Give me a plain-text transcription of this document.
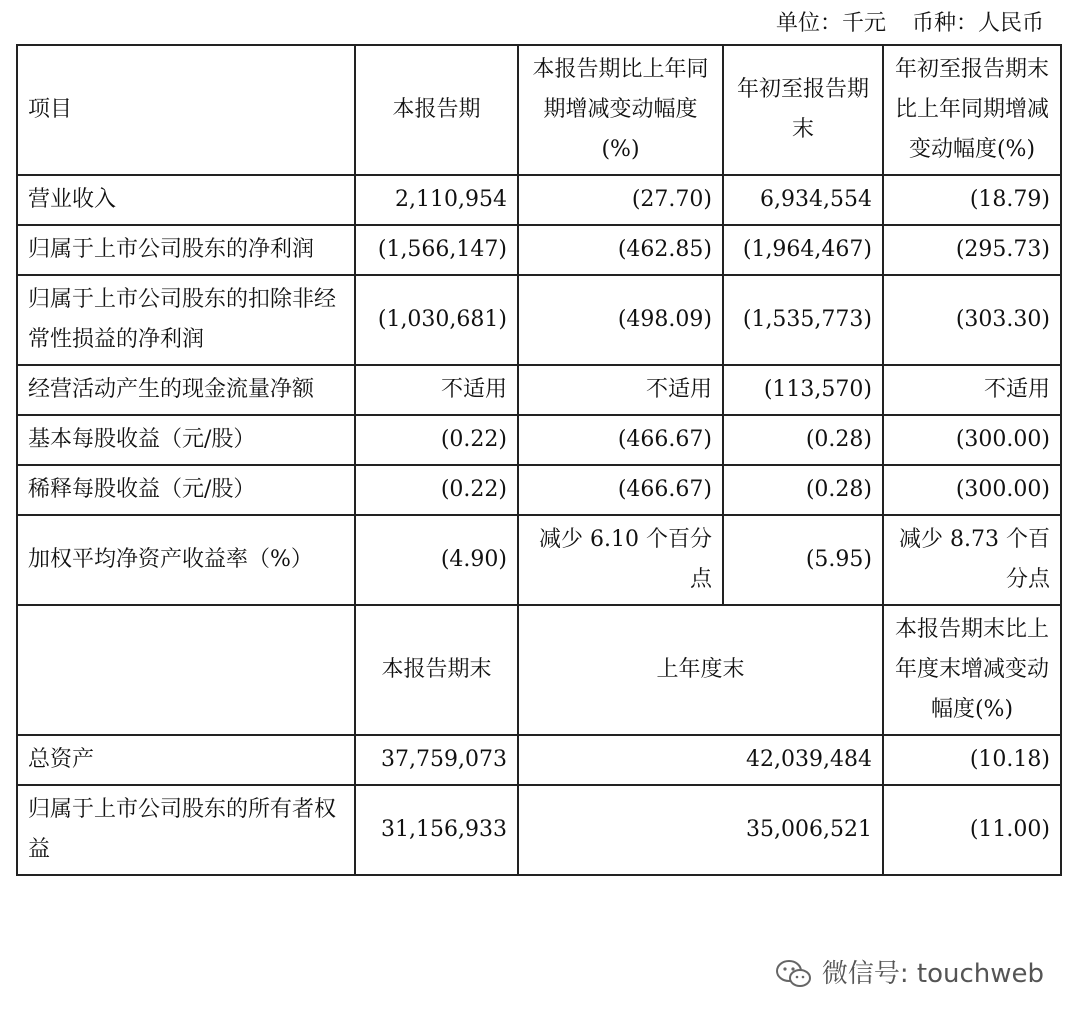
单位：千元 币种：人民币
项目	本报告期	本报告期比上年同期增减变动幅度(%)	年初至报告期末	年初至报告期末比上年同期增减变动幅度(%)
营业收入	2,110,954	(27.70)	6,934,554	(18.79)
归属于上市公司股东的净利润	(1,566,147)	(462.85)	(1,964,467)	(295.73)
归属于上市公司股东的扣除非经常性损益的净利润	(1,030,681)	(498.09)	(1,535,773)	(303.30)
经营活动产生的现金流量净额	不适用	不适用	(113,570)	不适用
基本每股收益（元/股）	(0.22)	(466.67)	(0.28)	(300.00)
稀释每股收益（元/股）	(0.22)	(466.67)	(0.28)	(300.00)
加权平均净资产收益率（%）	(4.90)	减少 6.10 个百分点	(5.95)	减少 8.73 个百分点
	本报告期末	上年度末		本报告期末比上年度末增减变动幅度(%)
总资产	37,759,073	42,039,484		(10.18)
归属于上市公司股东的所有者权益	31,156,933	35,006,521		(11.00)
微信号: touchweb
